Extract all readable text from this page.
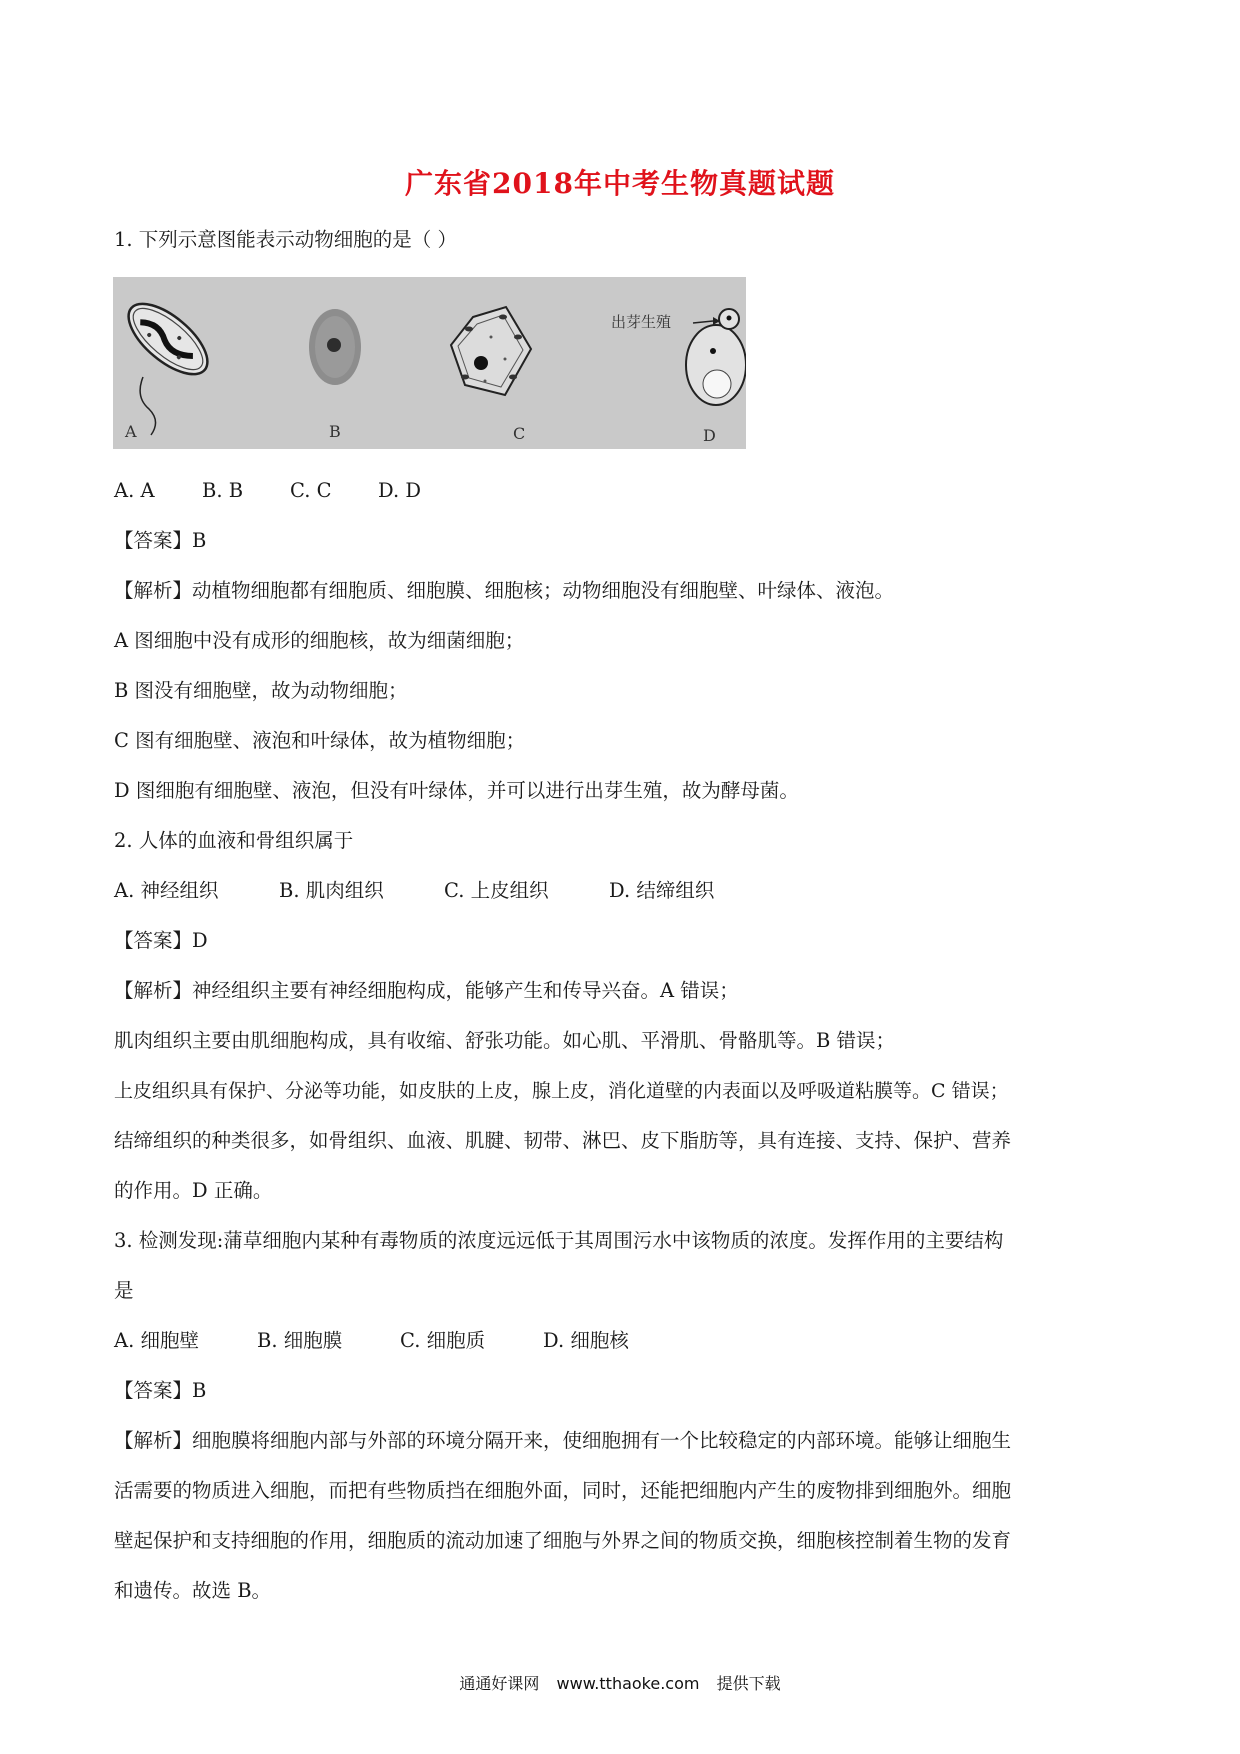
广东省2018年中考生物真题试题
1. 下列示意图能表示动物细胞的是（ ）
A	B	C
出芽生殖
D
A. A	B. B	C. C	D. D
【答案】B
【解析】动植物细胞都有细胞质、细胞膜、细胞核；动物细胞没有细胞壁、叶绿体、液泡。
A 图细胞中没有成形的细胞核，故为细菌细胞；
B 图没有细胞壁，故为动物细胞；
C 图有细胞壁、液泡和叶绿体，故为植物细胞；
D 图细胞有细胞壁、液泡，但没有叶绿体，并可以进行出芽生殖，故为酵母菌。
2. 人体的血液和骨组织属于
A. 神经组织	B. 肌肉组织	C. 上皮组织	D. 结缔组织
【答案】D
【解析】神经组织主要有神经细胞构成，能够产生和传导兴奋。A 错误；
肌肉组织主要由肌细胞构成，具有收缩、舒张功能。如心肌、平滑肌、骨骼肌等。B 错误；
上皮组织具有保护、分泌等功能，如皮肤的上皮，腺上皮，消化道壁的内表面以及呼吸道粘膜等。C 错误；
结缔组织的种类很多，如骨组织、血液、肌腱、韧带、淋巴、皮下脂肪等，具有连接、支持、保护、营养
的作用。D 正确。
3. 检测发现:蒲草细胞内某种有毒物质的浓度远远低于其周围污水中该物质的浓度。发挥作用的主要结构
是
A. 细胞壁	B. 细胞膜	C. 细胞质	D. 细胞核
【答案】B
【解析】细胞膜将细胞内部与外部的环境分隔开来，使细胞拥有一个比较稳定的内部环境。能够让细胞生
活需要的物质进入细胞，而把有些物质挡在细胞外面，同时，还能把细胞内产生的废物排到细胞外。细胞
壁起保护和支持细胞的作用，细胞质的流动加速了细胞与外界之间的物质交换，细胞核控制着生物的发育
和遗传。故选 B。
通通好课网 www.tthaoke.com 提供下载
